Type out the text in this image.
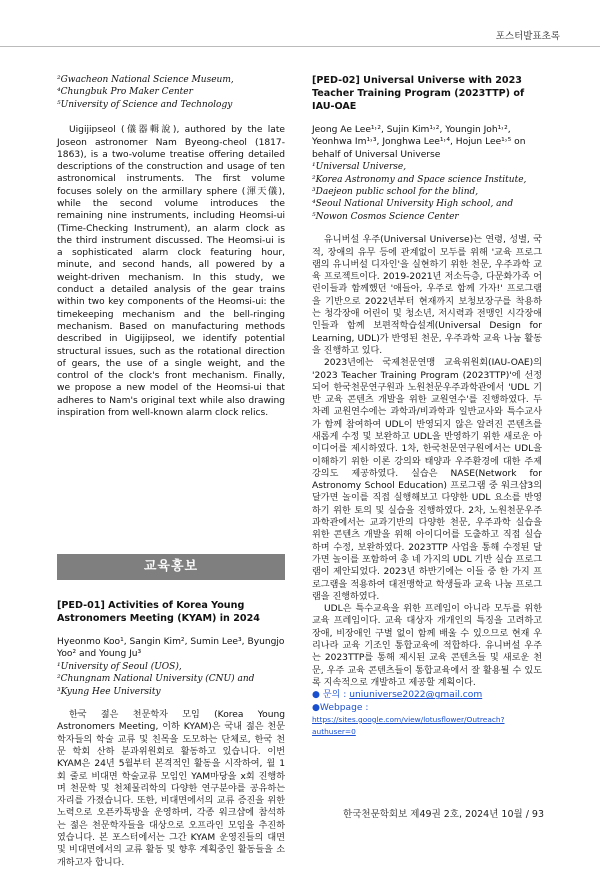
포스터발표초록
²Gwacheon National Science Museum,
⁴Chungbuk Pro Maker Center
⁵University of Science and Technology

Uigijipseol (儀器輯說), authored by the late Joseon astronomer Nam Byeong-cheol (1817-1863), is a two-volume treatise offering detailed descriptions of the construction and usage of ten astronomical instruments. The first volume focuses solely on the armillary sphere (渾天儀), while the second volume introduces the remaining nine instruments, including Heomsi-ui (Time-Checking Instrument), an alarm clock as the third instrument discussed. The Heomsi-ui is a sophisticated alarm clock featuring hour, minute, and second hands, all powered by a weight-driven mechanism. In this study, we conduct a detailed analysis of the gear trains within two key components of the Heomsi-ui: the timekeeping mechanism and the bell-ringing mechanism. Based on manufacturing methods described in Uigijipseol, we identify potential structural issues, such as the rotational direction of gears, the use of a single weight, and the control of the clock's front mechanism. Finally, we propose a new model of the Heomsi-ui that adheres to Nam's original text while also drawing inspiration from well-known alarm clock relics.

교육홍보
[PED-01] Activities of Korea Young Astronomers Meeting (KYAM) in 2024
Hyeonmo Koo¹, Sangin Kim², Sumin Lee³, Byungjo Yoo² and Young Ju³
¹University of Seoul (UOS),
²Chungnam National University (CNU) and
³Kyung Hee University

한국 젊은 천문학자 모임 (Korea Young Astronomers Meeting, 이하 KYAM)은 국내 젊은 천문학자들의 학술 교류 및 친목을 도모하는 단체로, 한국 천문 학회 산하 분과위원회로 활동하고 있습니다. 이번 KYAM은 24년 5월부터 본격적인 활동을 시작하여, 월 1회 줄로 비대면 학술교류 모임인 YAM마당을 x회 진행하며 천문학 및 천체물리학의 다양한 연구분야를 공유하는 자리를 가졌습니다. 또한, 비대면에서의 교류 증진을 위한 노력으로 오픈카톡방을 운영하며, 각종 워크샵에 참석하는 젊은 천문학자들을 대상으로 오프라인 모임을 추진하였습니다. 본 포스터에서는 그간 KYAM 운영진들의 대면 및 비대면에서의 교류 활동 및 향후 계획중인 활동들을 소개하고자 합니다.

[PED-02] Universal Universe with 2023 Teacher Training Program (2023TTP) of IAU-OAE
Jeong Ae Lee¹˒², Sujin Kim¹˒², Youngin Joh¹˒², Yeonhwa Im¹˒³, Jonghwa Lee¹˒⁴, Hojun Lee¹˒⁵ on behalf of Universal Universe
¹Universal Universe,
²Korea Astronomy and Space science Institute,
³Daejeon public school for the blind,
⁴Seoul National University High school, and
⁵Nowon Cosmos Science Center

유니버설 우주(Universal Universe)는 연령, 성별, 국적, 장애의 유무 등에 관계없이 모두를 위해 '교육 프로그램의 유니버설 디자인'을 실현하기 위한 천문, 우주과학 교육 프로젝트이다. 2019-2021년 저소득층, 다문화가족 어린이들과 함께했던 '애들아, 우주로 함께 가자!' 프로그램을 기반으로 2022년부터 현재까지 보청보장구를 착용하는 청각장애 어린이 및 청소년, 저시력과 전맹인 시각장애인들과 함께 보편적학습설계(Universal Design for Learning, UDL)가 반영된 천문, 우주과학 교육 나눔 활동을 진행하고 있다.

2023년에는 국제천문연맹 교육위원회(IAU-OAE)의 '2023 Teacher Training Program (2023TTP)'에 선정되어 한국천문연구원과 노원천문우주과학관에서 'UDL 기반 교육 콘텐츠 개발을 위한 교원연수'를 진행하였다. 두 차례 교원연수에는 과학과/비과학과 일반교사와 특수교사가 함께 참여하여 UDL이 반영되지 않은 알려진 콘텐츠를 새롭게 수정 및 보완하고 UDL을 반영하기 위한 새로운 아이디어를 제시하였다. 1차, 한국천문연구원에서는 UDL을 이해하기 위한 이론 강의와 태양과 우주환경에 대한 주제 강의도 제공하였다. 실습은 NASE(Network for Astronomy School Education) 프로그램 중 워크샵3의 달가면 놀이를 직접 실행해보고 다양한 UDL 요소를 반영하기 위한 토의 및 실습을 진행하였다. 2차, 노원천문우주과학관에서는 교과기반의 다양한 천문, 우주과학 실습을 위한 콘텐츠 개발을 위해 아이디어를 도출하고 직접 실습하며 수정, 보완하였다. 2023TTP 사업을 통해 수정된 달가면 놀이를 포함하여 총 네 가지의 UDL 기반 실습 프로그램이 제안되었다. 2023년 하반기에는 이들 중 한 가지 프로그램을 적용하여 대전맹학교 학생들과 교육 나눔 프로그램을 진행하였다.

UDL은 특수교육을 위한 프레임이 아니라 모두를 위한 교육 프레임이다. 교육 대상자 개개인의 특징을 고려하고 장애, 비장애인 구별 없이 함께 배울 수 있으므로 현재 우리나라 교육 기조인 통합교육에 적합하다. 유니버설 우주는 2023TTP를 통해 제시된 교육 콘텐츠들 및 새로운 천문, 우주 교육 콘텐츠들이 통합교육에서 잘 활용될 수 있도록 지속적으로 개발하고 제공할 계획이다.

● 문의 : uniuniverse2022@gmail.com
●Webpage :
https://sites.google.com/view/lotusflower/Outreach?authuser=0
한국천문학회보 제49권 2호, 2024년 10월 / 93
